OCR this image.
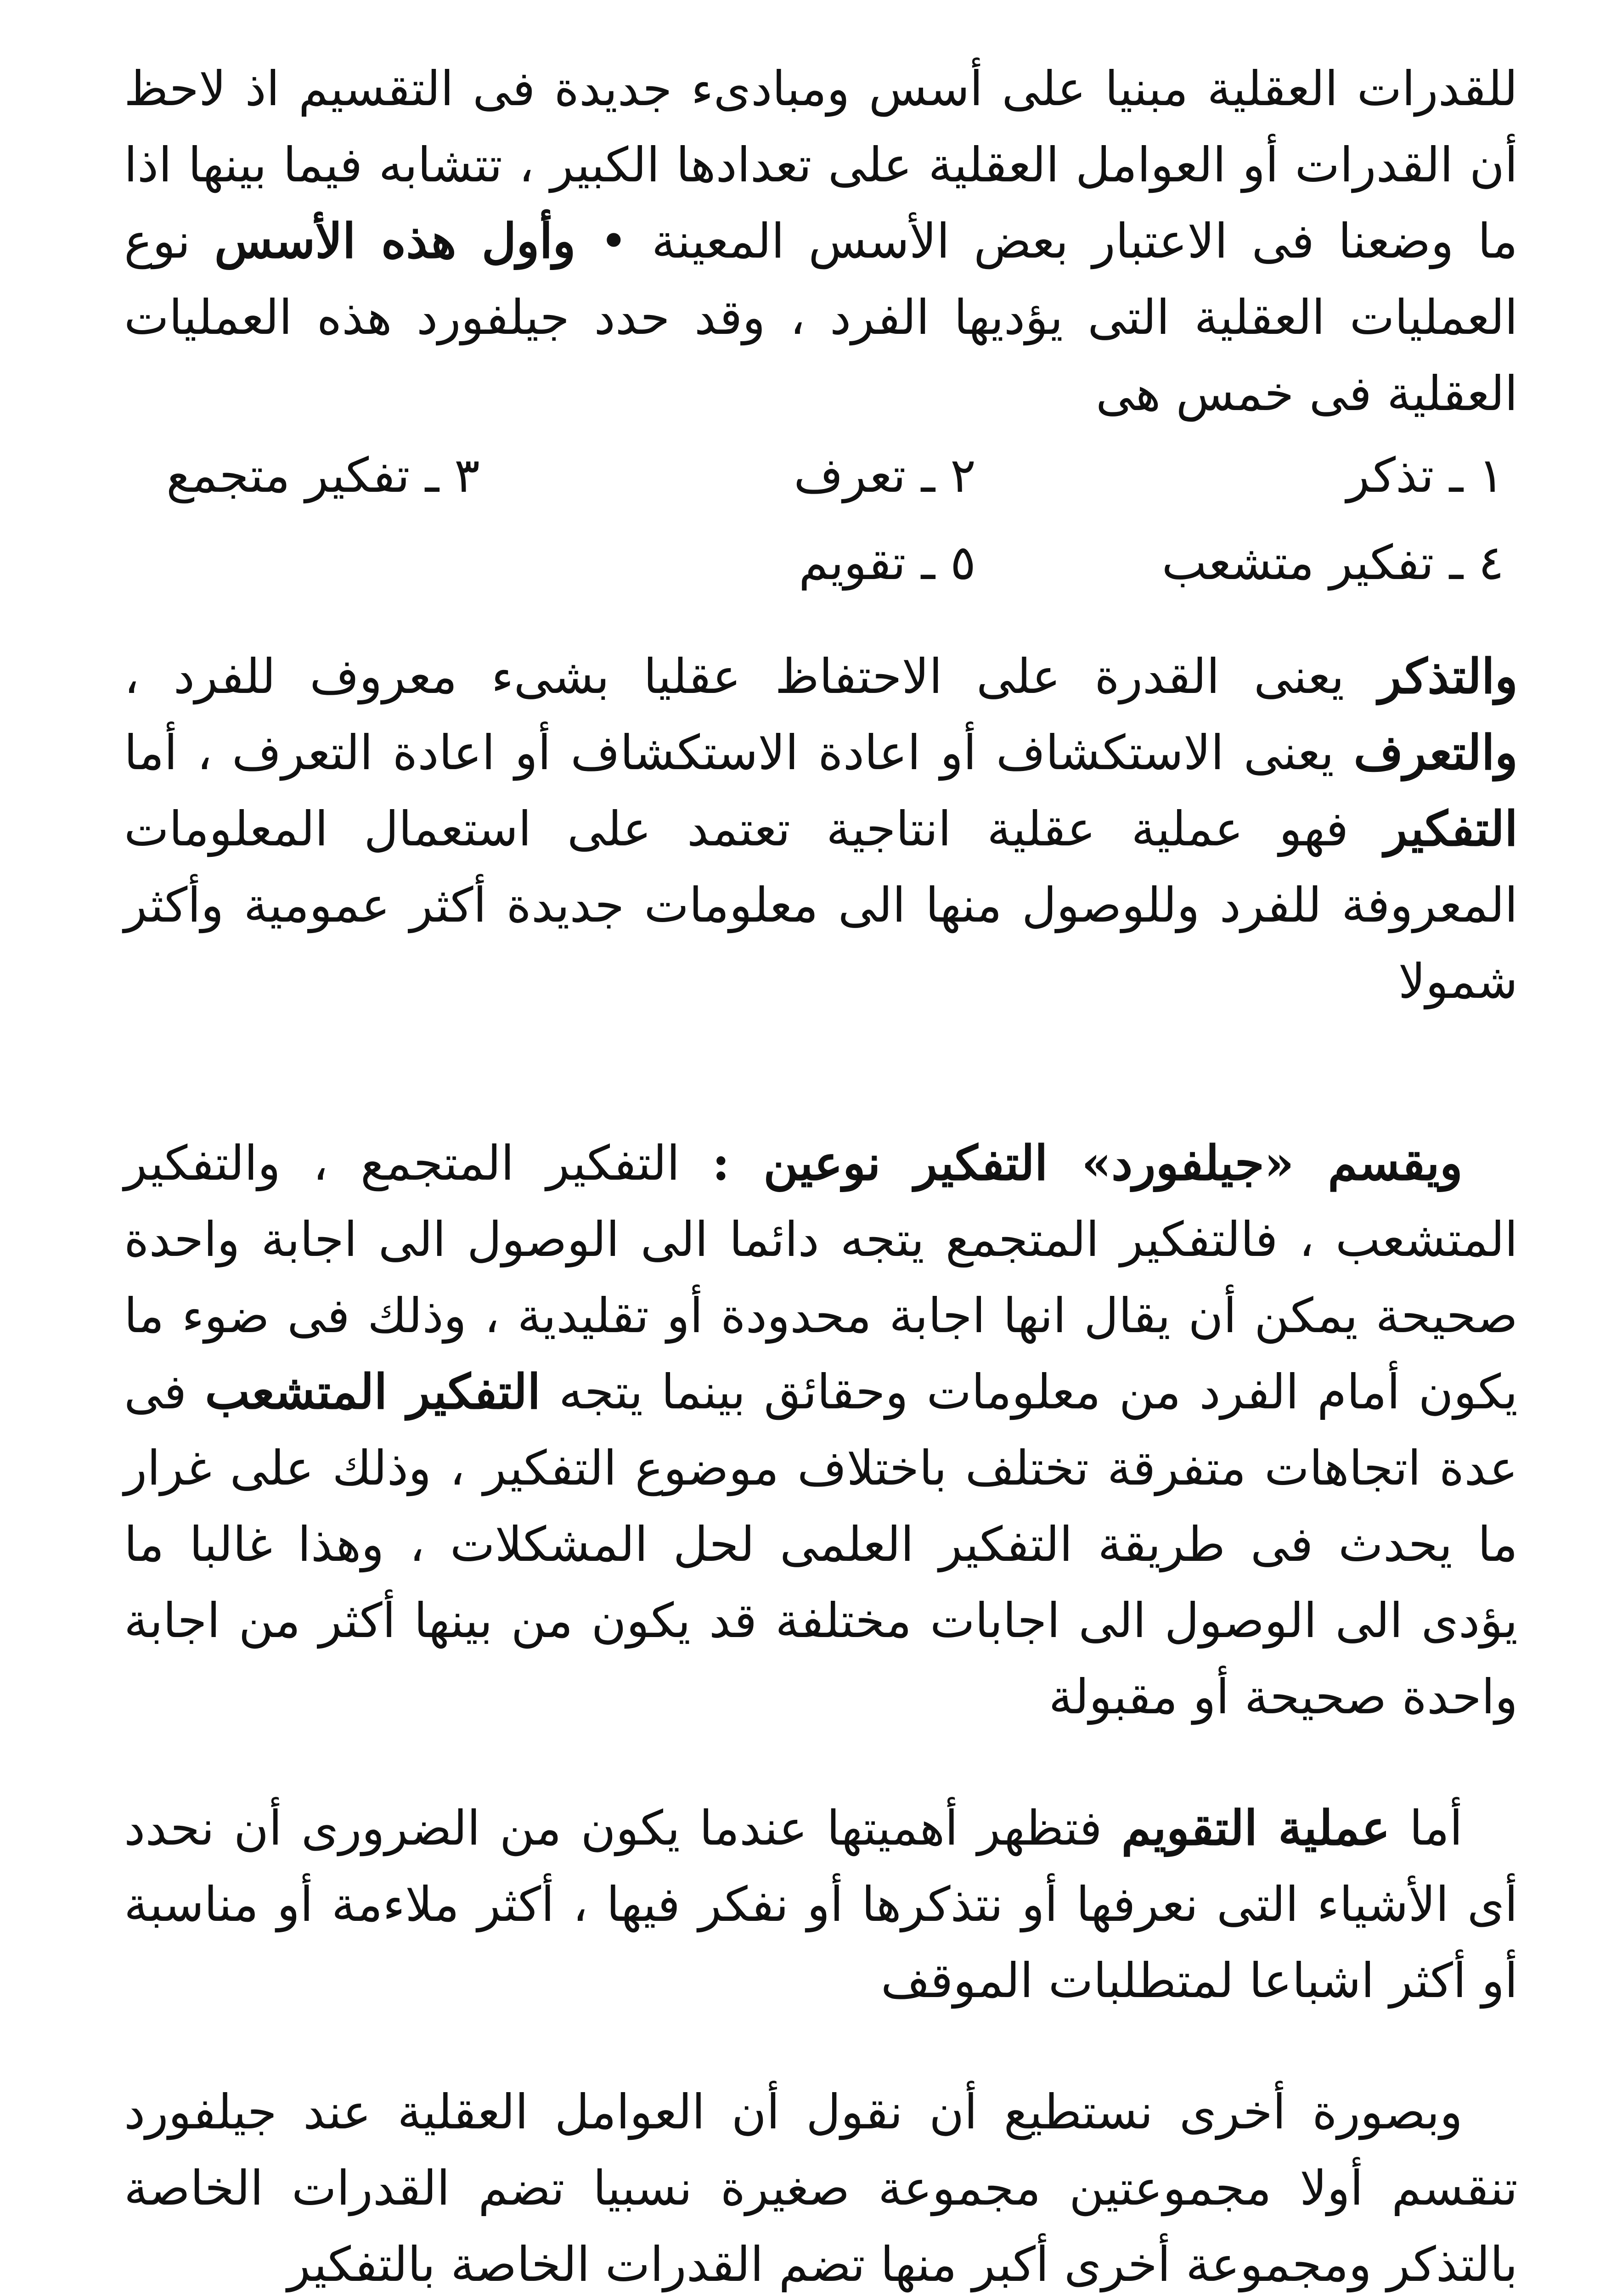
للقدرات العقلية مبنيا على أسس ومبادىء جديدة فى التقسيم اذ لاحظ أن القدرات أو العوامل العقلية على تعدادها الكبير ، تتشابه فيما بينها اذا ما وضعنا فى الاعتبار بعض الأسس المعينة • وأول هذه الأسس نوع العمليات العقلية التى يؤديها الفرد ، وقد حدد جيلفورد هذه العمليات العقلية فى خمس هى

١ ـ تذكر
٢ ـ تعرف
٣ ـ تفكير متجمع
٤ ـ تفكير متشعب
٥ ـ تقويم

والتذكر يعنى القدرة على الاحتفاظ عقليا بشىء معروف للفرد ، والتعرف يعنى الاستكشاف أو اعادة الاستكشاف أو اعادة التعرف ، أما التفكير فهو عملية عقلية انتاجية تعتمد على استعمال المعلومات المعروفة للفرد وللوصول منها الى معلومات جديدة أكثر عمومية وأكثر شمولا

ويقسم «جيلفورد» التفكير نوعين : التفكير المتجمع ، والتفكير المتشعب ، فالتفكير المتجمع يتجه دائما الى الوصول الى اجابة واحدة صحيحة يمكن أن يقال انها اجابة محدودة أو تقليدية ، وذلك فى ضوء ما يكون أمام الفرد من معلومات وحقائق بينما يتجه التفكير المتشعب فى عدة اتجاهات متفرقة تختلف باختلاف موضوع التفكير ، وذلك على غرار ما يحدث فى طريقة التفكير العلمى لحل المشكلات ، وهذا غالبا ما يؤدى الى الوصول الى اجابات مختلفة قد يكون من بينها أكثر من اجابة واحدة صحيحة أو مقبولة

أما عملية التقويم فتظهر أهميتها عندما يكون من الضرورى أن نحدد أى الأشياء التى نعرفها أو نتذكرها أو نفكر فيها ، أكثر ملاءمة أو مناسبة أو أكثر اشباعا لمتطلبات الموقف

وبصورة أخرى نستطيع أن نقول أن العوامل العقلية عند جيلفورد تنقسم أولا مجموعتين مجموعة صغيرة نسبيا تضم القدرات الخاصة بالتذكر ومجموعة أخرى أكبر منها تضم القدرات الخاصة بالتفكير
